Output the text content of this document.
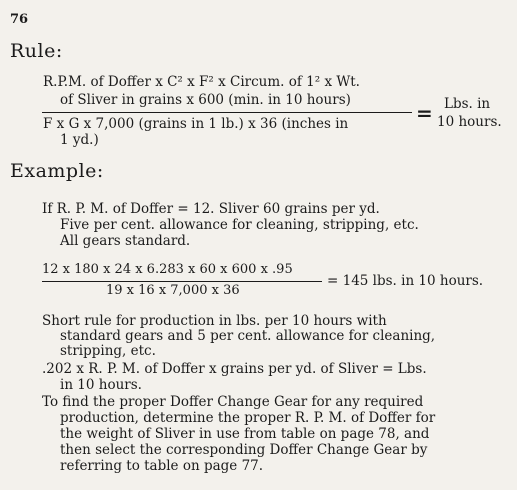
76
Rule:
R.P.M. of Doffer x C² x F² x Circum. of 1² x Wt.
of Sliver in grains x 600 (min. in 10 hours)
F x G x 7,000 (grains in 1 lb.) x 36 (inches in
1 yd.)
= Lbs. in
10 hours.
Example:
If R. P. M. of Doffer = 12. Sliver 60 grains per yd.
Five per cent. allowance for cleaning, stripping, etc.
All gears standard.
12 x 180 x 24 x 6.283 x 60 x 600 x .95
19 x 16 x 7,000 x 36
= 145 lbs. in 10 hours.
Short rule for production in lbs. per 10 hours with
standard gears and 5 per cent. allowance for cleaning,
stripping, etc.
.202 x R. P. M. of Doffer x grains per yd. of Sliver = Lbs.
in 10 hours.
To find the proper Doffer Change Gear for any required
production, determine the proper R. P. M. of Doffer for
the weight of Sliver in use from table on page 78, and
then select the corresponding Doffer Change Gear by
referring to table on page 77.
